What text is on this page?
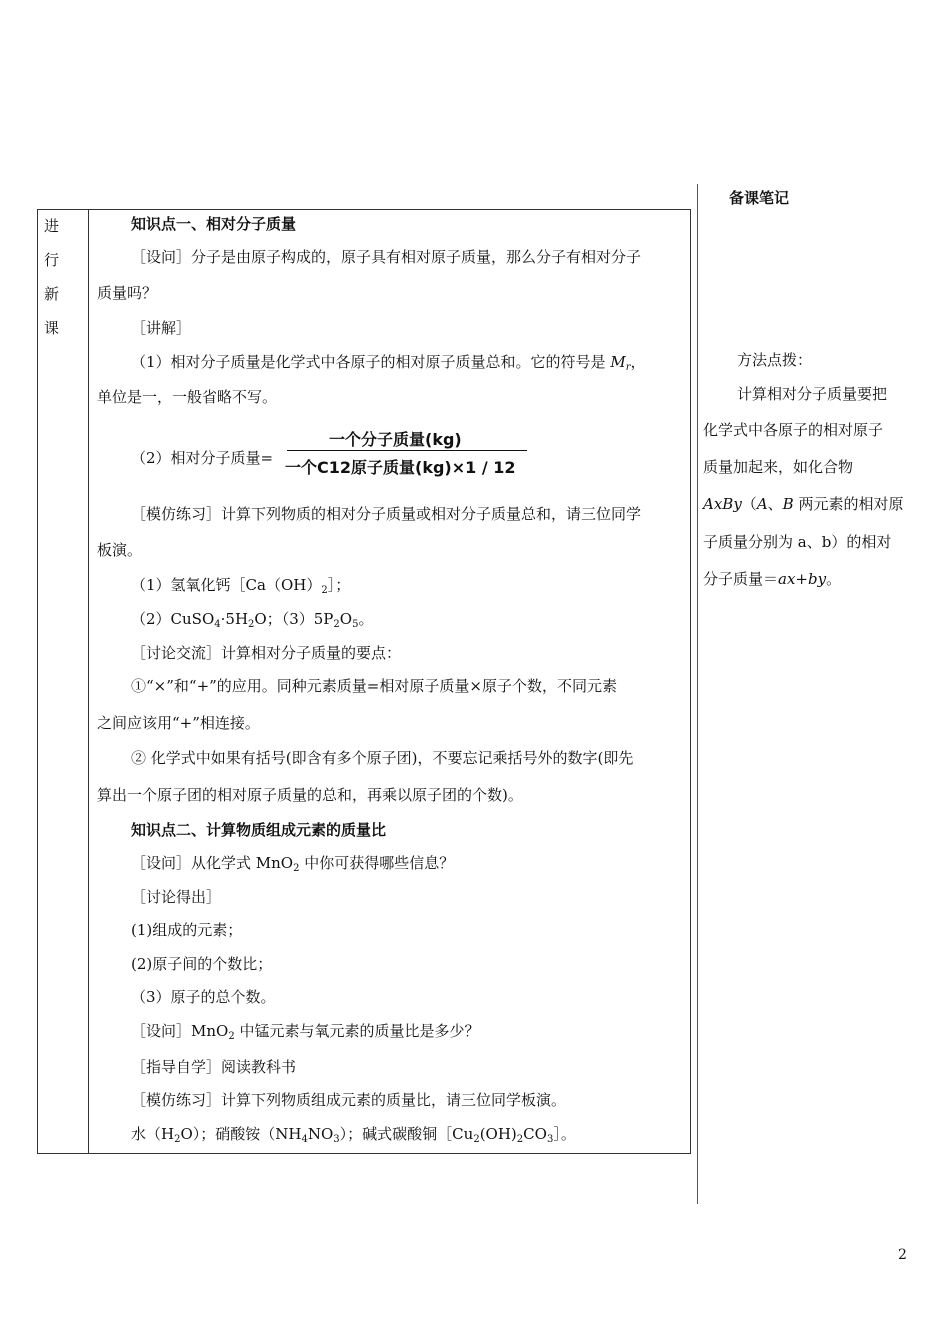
进
行
新
课
知识点一、相对分子质量
［设问］分子是由原子构成的，原子具有相对原子质量，那么分子有相对分子
质量吗？
［讲解］
（1）相对分子质量是化学式中各原子的相对原子质量总和。它的符号是 $M_r$，
单位是一，一般省略不写。
（2）相对分子质量=
一个分子质量(kg)
一个C12原子质量(kg)×1 / 12
［模仿练习］计算下列物质的相对分子质量或相对分子质量总和，请三位同学
板演。
（1）氢氧化钙$[Ca(OH)_2]$；
$(2)CuSO_4\cdot 5H_2O$；$(3)5P_2O_5$。
［讨论交流］计算相对分子质量的要点：
①“×”和“+”的应用。同种元素质量=相对原子质量×原子个数，不同元素
之间应该用“+”相连接。
② 化学式中如果有括号(即含有多个原子团)，不要忘记乘括号外的数字(即先
算出一个原子团的相对原子质量的总和，再乘以原子团的个数)。
知识点二、计算物质组成元素的质量比
［设问］从化学式 MnO$_2$ 中你可获得哪些信息？
［讨论得出］
(1)组成的元素；
(2)原子间的个数比；
（3）原子的总个数。
［设问］MnO$_2$ 中锰元素与氧元素的质量比是多少？
［指导自学］阅读教科书
［模仿练习］计算下列物质组成元素的质量比，请三位同学板演。
水$(H_2O)$；硝酸铵$(NH_4NO_3)$；碱式碳酸铜$[Cu_2(OH)_2CO_3]$。
备课笔记
方法点拨：
计算相对分子质量要把
化学式中各原子的相对原子
质量加起来，如化合物
AxBy（A、B 两元素的相对原
子质量分别为 a、b）的相对
分子质量＝ax+by。
2
